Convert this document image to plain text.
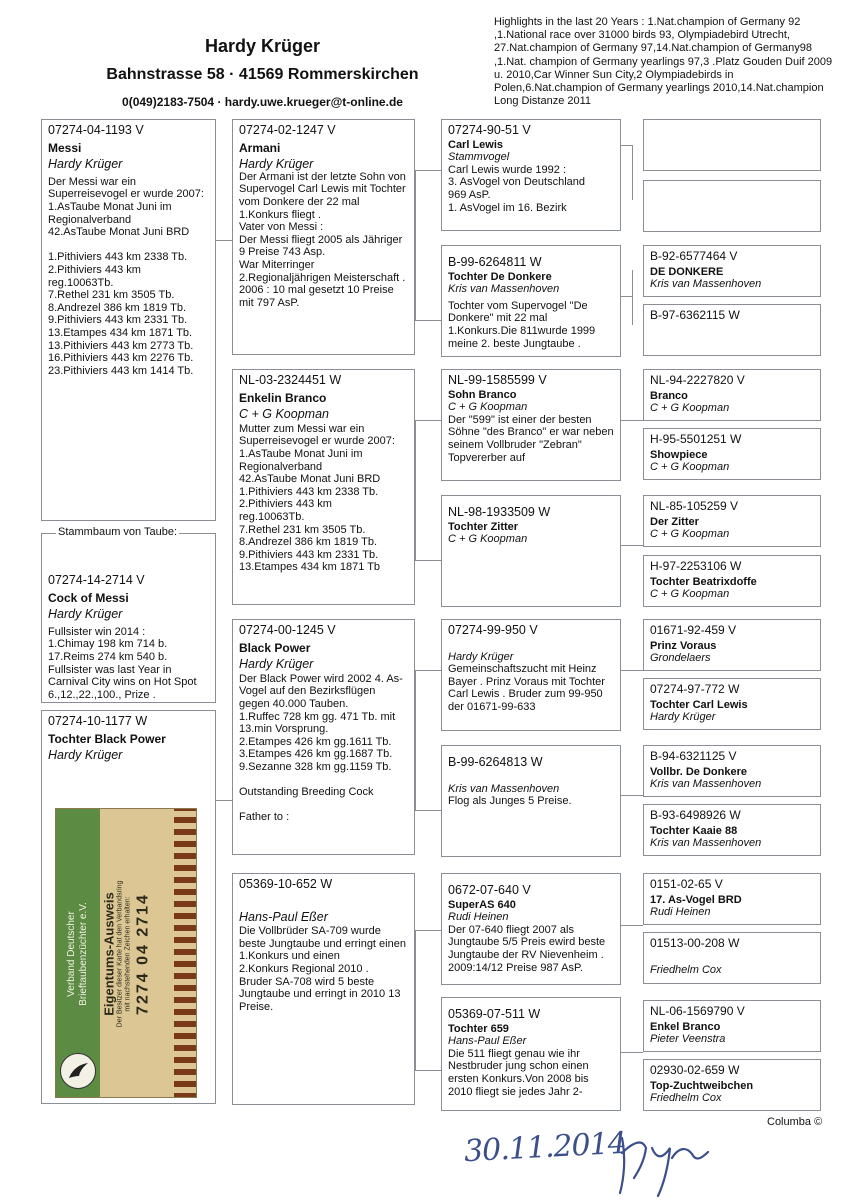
Hardy Krüger
Bahnstrasse 58 · 41569 Rommerskirchen
0(049)2183-7504 · hardy.uwe.krueger@t-online.de
Highlights in the last 20 Years : 1.Nat.champion of Germany 92 ,1.National race over 31000 birds 93, Olympiadebird Utrecht, 27.Nat.champion of Germany 97,14.Nat.champion of Germany98 ,1.Nat. champion of Germany yearlings 97,3 .Platz Gouden Duif 2009 u. 2010,Car Winner Sun City,2 Olympiadebirds in Polen,6.Nat.champion of Germany yearlings 2010,14.Nat.champion Long Distanze 2011
07274-04-1193 V
Messi
Hardy Krüger
Der Messi war ein Superreisevogel er wurde 2007:
1.AsTaube Monat Juni im Regionalverband
42.AsTaube Monat Juni BRD

1.Pithiviers 443 km 2338 Tb.
2.Pithiviers 443 km
reg.10063Tb.
7.Rethel 231 km 3505 Tb.
8.Andrezel 386 km 1819 Tb.
9.Pithiviers 443 km 2331 Tb.
13.Etampes 434 km 1871 Tb.
13.Pithiviers 443 km 2773 Tb.
16.Pithiviers 443 km 2276 Tb.
23.Pithiviers 443 km 1414 Tb.
07274-14-2714 V
Cock of Messi
Hardy Krüger
Fullsister win 2014 :
1.Chimay 198 km 714 b.
17.Reims 274 km 540 b.
Fullsister was last Year in Carnival City wins on Hot Spot 6.,12.,22.,100., Prize .
Stammbaum von Taube:
07274-10-1177 W
Tochter Black Power
Hardy Krüger
Verband Deutscher
Brieftaubenzüchter e.V. Eigentums-Ausweis
Der Besitzer dieser Karte hat den Verbandsring
mit nachstehenden Zeichen erhalten: 7274 04 2714
07274-02-1247 V
Armani
Hardy Krüger
Der Armani ist der letzte Sohn von Supervogel Carl Lewis mit Tochter vom Donkere der 22 mal 1.Konkurs fliegt .
Vater von Messi :
Der Messi fliegt 2005 als Jähriger 9 Preise 743 Asp.
War Miterringer
2.Regionaljährigen Meisterschaft .
2006 : 10 mal gesetzt 10 Preise mit 797 AsP.
NL-03-2324451 W
Enkelin Branco
C + G Koopman
Mutter zum Messi war ein Superreisevogel er wurde 2007:
1.AsTaube Monat Juni im Regionalverband
42.AsTaube Monat Juni BRD
1.Pithiviers 443 km 2338 Tb.
2.Pithiviers 443 km
reg.10063Tb.
7.Rethel 231 km 3505 Tb.
8.Andrezel 386 km 1819 Tb.
9.Pithiviers 443 km 2331 Tb.
13.Etampes 434 km 1871 Tb
07274-00-1245 V
Black Power
Hardy Krüger
Der Black Power wird 2002 4. As-Vogel auf den Bezirksflügen gegen 40.000 Tauben.
1.Ruffec 728 km gg. 471 Tb. mit 13.min Vorsprung.
2.Etampes 426 km gg.1611 Tb.
3.Etampes 426 km gg.1687 Tb.
9.Sezanne 328 km gg.1159 Tb.

Outstanding Breeding Cock

Father to :
05369-10-652 W
Hans-Paul Eßer
Die Vollbrüder SA-709 wurde beste Jungtaube und erringt einen 1.Konkurs und einen
2.Konkurs Regional 2010 .
Bruder SA-708 wird 5 beste Jungtaube und erringt in 2010 13 Preise.
07274-90-51 V
Carl Lewis
Stammvogel
Carl Lewis wurde 1992 :
3. AsVogel von Deutschland
969 AsP.
1. AsVogel im 16. Bezirk
B-99-6264811 W
Tochter De Donkere
Kris van Massenhoven
Tochter vom Supervogel "De Donkere" mit 22 mal
1.Konkurs.Die 811wurde 1999 meine 2. beste Jungtaube .
NL-99-1585599 V
Sohn Branco
C + G Koopman
Der "599" ist einer der besten Söhne "des Branco" er war neben seinem Vollbruder "Zebran" Topvererber auf
NL-98-1933509 W
Tochter Zitter
C + G Koopman
07274-99-950 V
Hardy Krüger
Gemeinschaftszucht mit Heinz Bayer . Prinz Voraus mit Tochter Carl Lewis . Bruder zum 99-950 der 01671-99-633
B-99-6264813 W
Kris van Massenhoven
Flog als Junges 5 Preise.
0672-07-640 V
SuperAS 640
Rudi Heinen
Der 07-640 fliegt 2007 als Jungtaube 5/5 Preis ewird beste Jungtaube der RV Nievenheim .
2009:14/12 Preise 987 AsP.
05369-07-511 W
Tochter 659
Hans-Paul Eßer
Die 511 fliegt genau wie ihr Nestbruder jung schon einen ersten Konkurs.Von 2008 bis 2010 fliegt sie jedes Jahr 2-
B-92-6577464 V
DE DONKERE
Kris van Massenhoven
B-97-6362115 W
NL-94-2227820 V
Branco
C + G Koopman
H-95-5501251 W
Showpiece
C + G Koopman
NL-85-105259 V
Der Zitter
C + G Koopman
H-97-2253106 W
Tochter Beatrixdoffe
C + G Koopman
01671-92-459 V
Prinz Voraus
Grondelaers
07274-97-772 W
Tochter Carl Lewis
Hardy Krüger
B-94-6321125 V
Vollbr. De Donkere
Kris van Massenhoven
B-93-6498926 W
Tochter Kaaie 88
Kris van Massenhoven
0151-02-65 V
17. As-Vogel BRD
Rudi Heinen
01513-00-208 W
Friedhelm Cox
NL-06-1569790 V
Enkel Branco
Pieter Veenstra
02930-02-659 W
Top-Zuchtweibchen
Friedhelm Cox
Columba ©
30.11.2014
